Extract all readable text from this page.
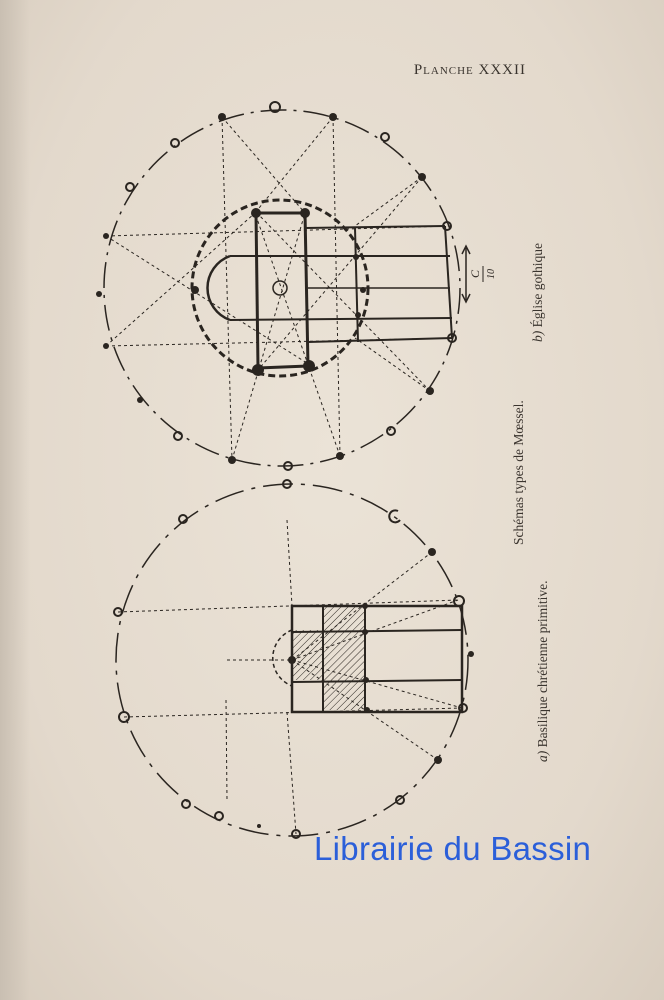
Planche XXXII
Schémas types de Mœssel.
b) Église gothique
a) Basilique chrétienne primitive.
C 10
Librairie du Bassin
